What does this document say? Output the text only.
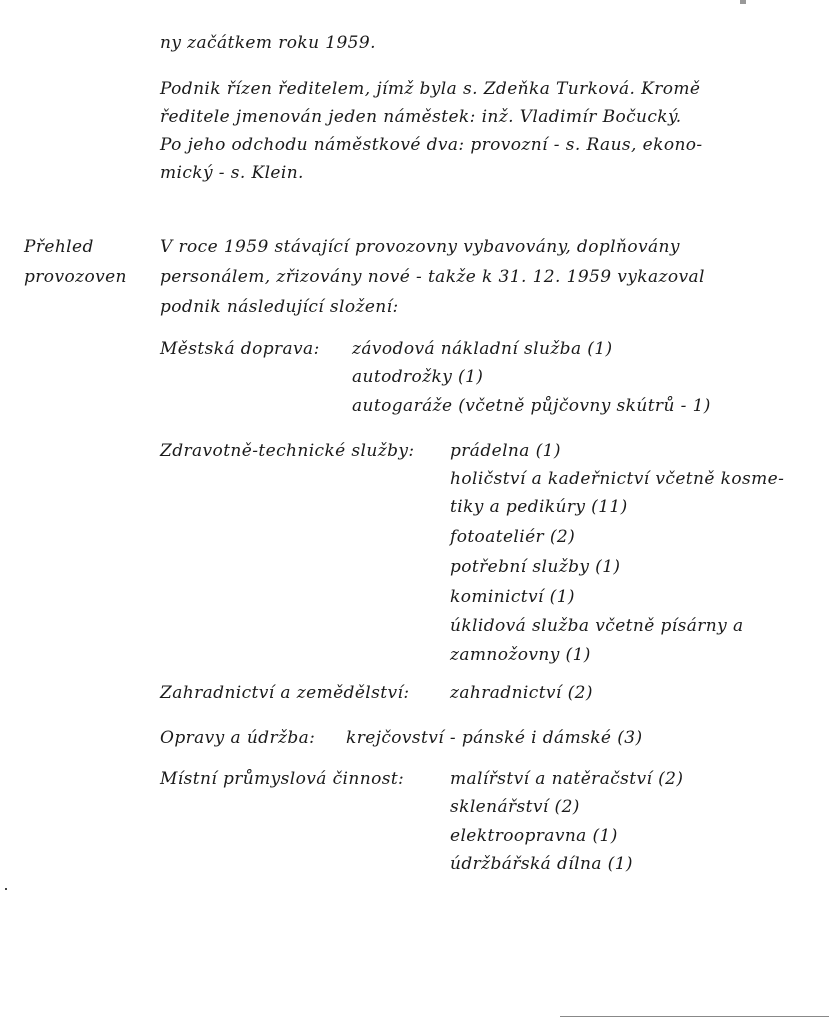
ny začátkem roku 1959.
Podnik řízen ředitelem, jímž byla s. Zdeňka Turková. Kromě
ředitele jmenován jeden náměstek: inž. Vladimír Bočucký.
Po jeho odchodu náměstkové dva: provozní - s. Raus, ekono-
mický - s. Klein.
Přehled
provozoven
V roce 1959 stávající provozovny vybavovány, doplňovány
personálem, zřizovány nové - takže k 31. 12. 1959 vykazoval
podnik následující složení:
Městská doprava: závodová nákladní služba (1)
autodrožky (1)
autogaráže (včetně půjčovny skútrů - 1)
Zdravotně-technické služby: prádelna (1)
holičství a kadeřnictví včetně kosme-
tiky a pedikúry (11)
fotoateliér (2)
potřební služby (1)
kominictví (1)
úklidová služba včetně písárny a
zamnožovny (1)
Zahradnictví a zemědělství: zahradnictví (2)
Opravy a údržba: krejčovství - pánské i dámské (3)
Místní průmyslová činnost:	malířství a natěračství (2)
sklenářství (2)
elektroopravna (1)
údržbářská dílna (1)
